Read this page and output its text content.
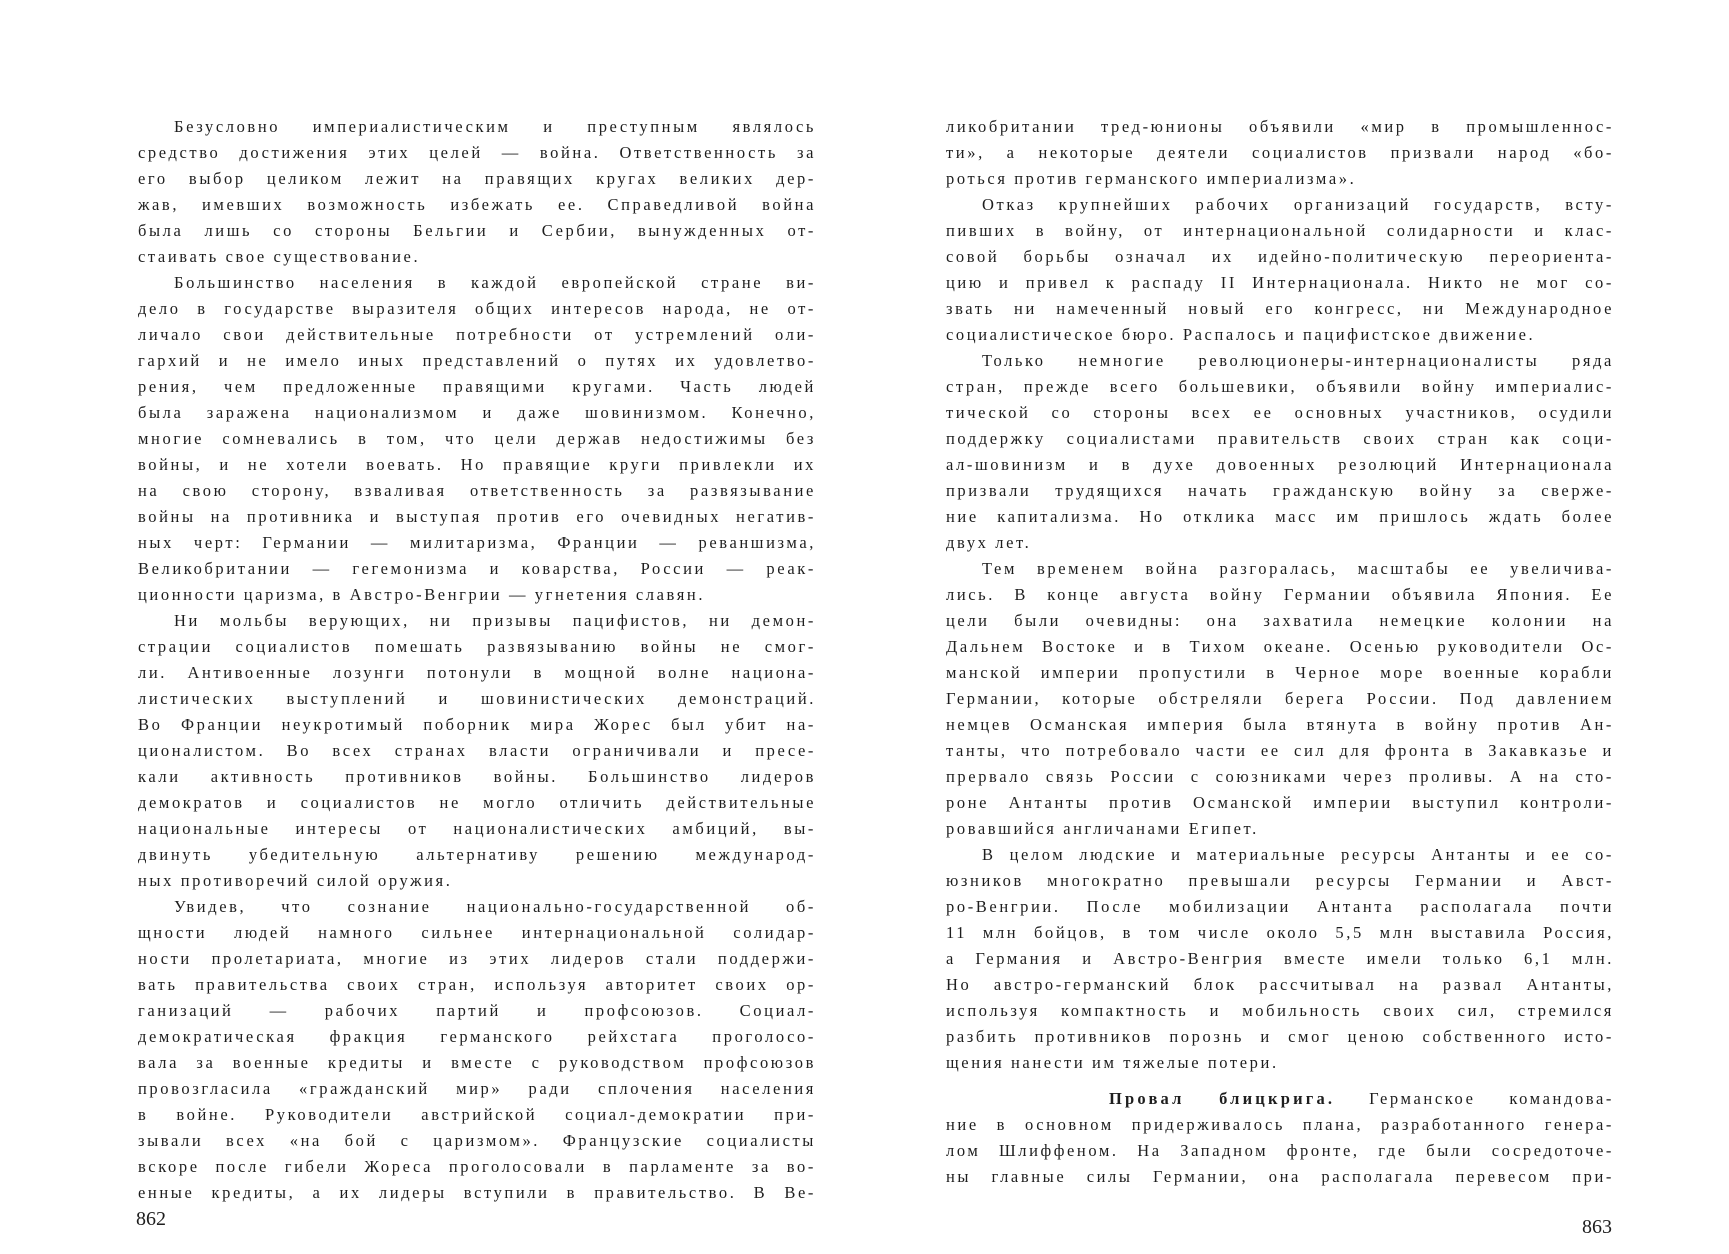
Безусловно империалистическим и преступным являлось
средство достижения этих целей — война. Ответственность за
его выбор целиком лежит на правящих кругах великих дер-
жав, имевших возможность избежать ее. Справедливой война
была лишь со стороны Бельгии и Сербии, вынужденных от-
стаивать свое существование.
Большинство населения в каждой европейской стране ви-
дело в государстве выразителя общих интересов народа, не от-
личало свои действительные потребности от устремлений оли-
гархий и не имело иных представлений о путях их удовлетво-
рения, чем предложенные правящими кругами. Часть людей
была заражена национализмом и даже шовинизмом. Конечно,
многие сомневались в том, что цели держав недостижимы без
войны, и не хотели воевать. Но правящие круги привлекли их
на свою сторону, взваливая ответственность за развязывание
войны на противника и выступая против его очевидных негатив-
ных черт: Германии — милитаризма, Франции — реваншизма,
Великобритании — гегемонизма и коварства, России — реак-
ционности царизма, в Австро-Венгрии — угнетения славян.
Ни мольбы верующих, ни призывы пацифистов, ни демон-
страции социалистов помешать развязыванию войны не смог-
ли. Антивоенные лозунги потонули в мощной волне национа-
листических выступлений и шовинистических демонстраций.
Во Франции неукротимый поборник мира Жорес был убит на-
ционалистом. Во всех странах власти ограничивали и пресе-
кали активность противников войны. Большинство лидеров
демократов и социалистов не могло отличить действительные
национальные интересы от националистических амбиций, вы-
двинуть убедительную альтернативу решению международ-
ных противоречий силой оружия.
Увидев, что сознание национально-государственной об-
щности людей намного сильнее интернациональной солидар-
ности пролетариата, многие из этих лидеров стали поддержи-
вать правительства своих стран, используя авторитет своих ор-
ганизаций — рабочих партий и профсоюзов. Социал-
демократическая фракция германского рейхстага проголосо-
вала за военные кредиты и вместе с руководством профсоюзов
провозгласила «гражданский мир» ради сплочения населения
в войне. Руководители австрийской социал-демократии при-
зывали всех «на бой с царизмом». Французские социалисты
вскоре после гибели Жореса проголосовали в парламенте за во-
енные кредиты, а их лидеры вступили в правительство. В Ве-
ликобритании тред-юнионы объявили «мир в промышленнос-
ти», а некоторые деятели социалистов призвали народ «бо-
роться против германского империализма».
Отказ крупнейших рабочих организаций государств, всту-
пивших в войну, от интернациональной солидарности и клас-
совой борьбы означал их идейно-политическую переориента-
цию и привел к распаду II Интернационала. Никто не мог со-
звать ни намеченный новый его конгресс, ни Международное
социалистическое бюро. Распалось и пацифистское движение.
Только немногие революционеры-интернационалисты ряда
стран, прежде всего большевики, объявили войну империалис-
тической со стороны всех ее основных участников, осудили
поддержку социалистами правительств своих стран как соци-
ал-шовинизм и в духе довоенных резолюций Интернационала
призвали трудящихся начать гражданскую войну за сверже-
ние капитализма. Но отклика масс им пришлось ждать более
двух лет.
Тем временем война разгоралась, масштабы ее увеличива-
лись. В конце августа войну Германии объявила Япония. Ее
цели были очевидны: она захватила немецкие колонии на
Дальнем Востоке и в Тихом океане. Осенью руководители Ос-
манской империи пропустили в Черное море военные корабли
Германии, которые обстреляли берега России. Под давлением
немцев Османская империя была втянута в войну против Ан-
танты, что потребовало части ее сил для фронта в Закавказье и
прервало связь России с союзниками через проливы. А на сто-
роне Антанты против Османской империи выступил контроли-
ровавшийся англичанами Египет.
В целом людские и материальные ресурсы Антанты и ее со-
юзников многократно превышали ресурсы Германии и Авст-
ро-Венгрии. После мобилизации Антанта располагала почти
11 млн бойцов, в том числе около 5,5 млн выставила Россия,
а Германия и Австро-Венгрия вместе имели только 6,1 млн.
Но австро-германский блок рассчитывал на развал Антанты,
используя компактность и мобильность своих сил, стремился
разбить противников порознь и смог ценою собственного исто-
щения нанести им тяжелые потери.
Провал блицкрига. Германское командова-
ние в основном придерживалось плана, разработанного генера-
лом Шлиффеном. На Западном фронте, где были сосредоточе-
ны главные силы Германии, она располагала перевесом при-
862	863
